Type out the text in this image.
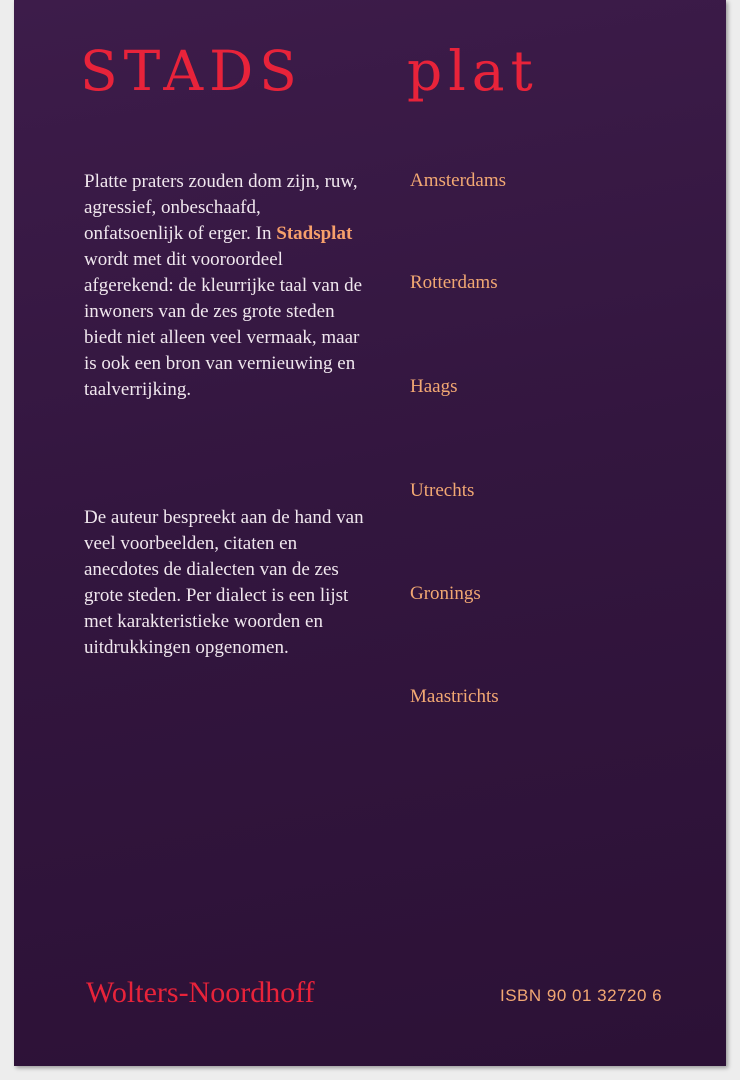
STADS plat

Platte praters zouden dom zijn, ruw, agressief, onbeschaafd, onfatsoenlijk of erger. In Stadsplat wordt met dit vooroordeel afgerekend: de kleurrijke taal van de inwoners van de zes grote steden biedt niet alleen veel vermaak, maar is ook een bron van vernieuwing en taalverrijking.

De auteur bespreekt aan de hand van veel voorbeelden, citaten en anecdotes de dialecten van de zes grote steden. Per dialect is een lijst met karakteristieke woorden en uitdrukkingen opgenomen.

Amsterdams
Rotterdams
Haags
Utrechts
Gronings
Maastrichts
Wolters-Noordhoff	ISBN 90 01 32720 6
